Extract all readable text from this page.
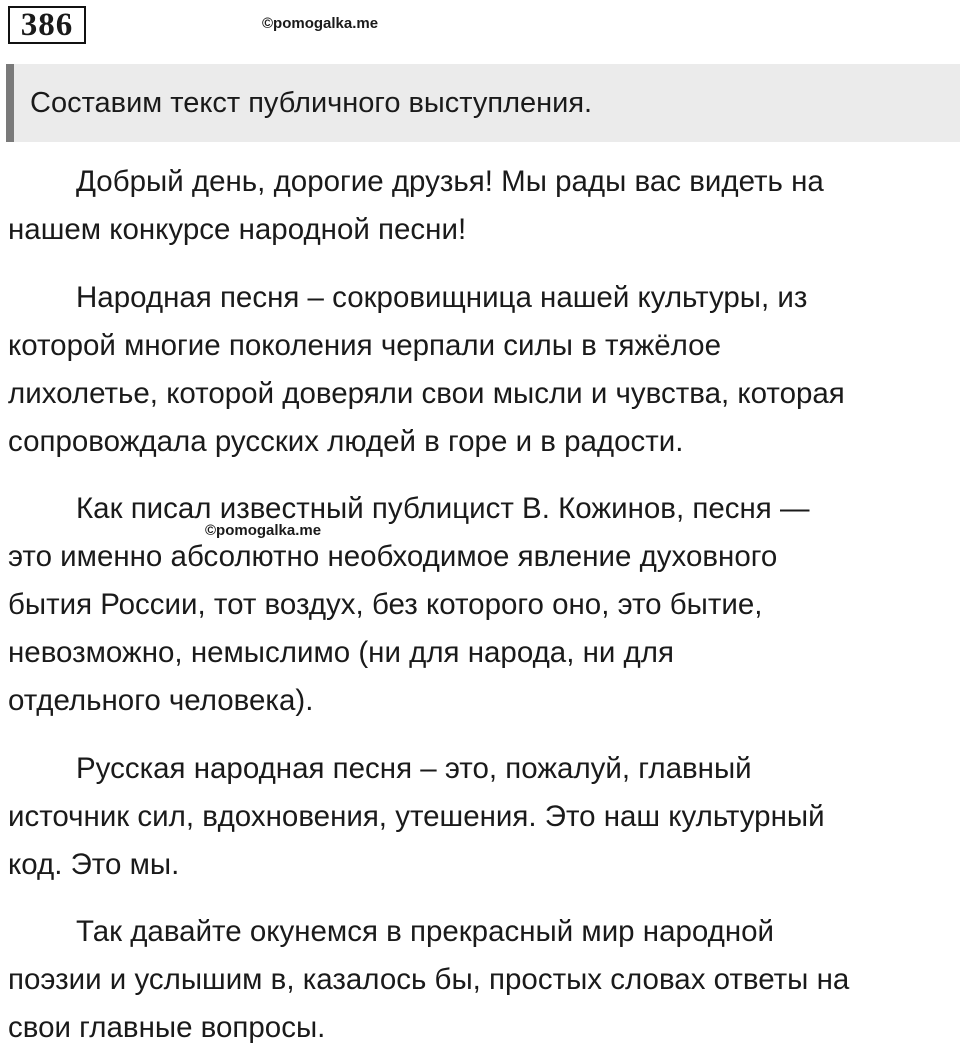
386	©pomogalka.me
Составим текст публичного выступления.
Добрый день, дорогие друзья! Мы рады вас видеть на
нашем конкурсе народной песни!
Народная песня – сокровищница нашей культуры, из
которой многие поколения черпали силы в тяжёлое
лихолетье, которой доверяли свои мысли и чувства, которая
сопровождала русских людей в горе и в радости.
Как писал известный публицист В. Кожинов, песня —
это именно абсолютно необходимое явление духовного
бытия России, тот воздух, без которого оно, это бытие,
невозможно, немыслимо (ни для народа, ни для
отдельного человека).
©pomogalka.me
Русская народная песня – это, пожалуй, главный
источник сил, вдохновения, утешения. Это наш культурный
код. Это мы.
Так давайте окунемся в прекрасный мир народной
поэзии и услышим в, казалось бы, простых словах ответы на
свои главные вопросы.
